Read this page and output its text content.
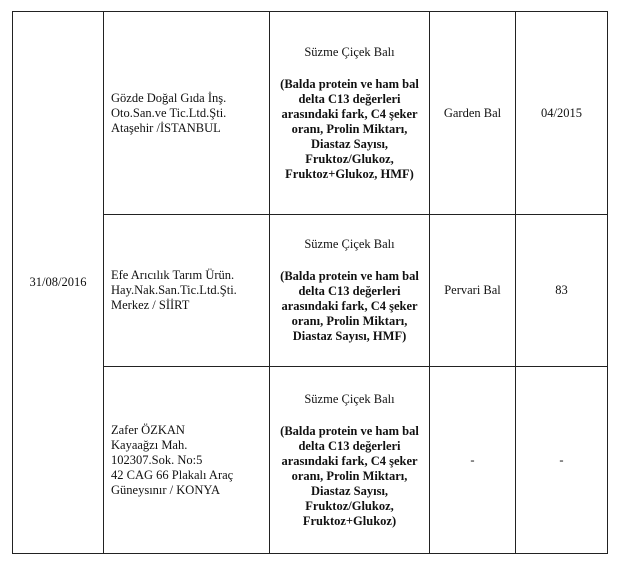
31/08/2016	Gözde Doğal Gıda İnş.
Oto.San.ve Tic.Ltd.Şti.
Ataşehir /İSTANBUL	Süzme Çiçek Balı
(Balda protein ve ham bal delta C13 değerleri arasındaki fark, C4 şeker oranı, Prolin Miktarı, Diastaz Sayısı, Fruktoz/Glukoz, Fruktoz+Glukoz, HMF)	Garden Bal	04/2015

	Efe Arıcılık Tarım Ürün.
Hay.Nak.San.Tic.Ltd.Şti.
Merkez / SİİRT	Süzme Çiçek Balı
(Balda protein ve ham bal delta C13 değerleri arasındaki fark, C4 şeker oranı, Prolin Miktarı, Diastaz Sayısı, HMF)	Pervari Bal	83

	Zafer ÖZKAN
Kayaağzı Mah.
102307.Sok. No:5
42 CAG 66 Plakalı Araç
Güneysınır / KONYA	Süzme Çiçek Balı
(Balda protein ve ham bal delta C13 değerleri arasındaki fark, C4 şeker oranı, Prolin Miktarı, Diastaz Sayısı, Fruktoz/Glukoz, Fruktoz+Glukoz)	-	-
